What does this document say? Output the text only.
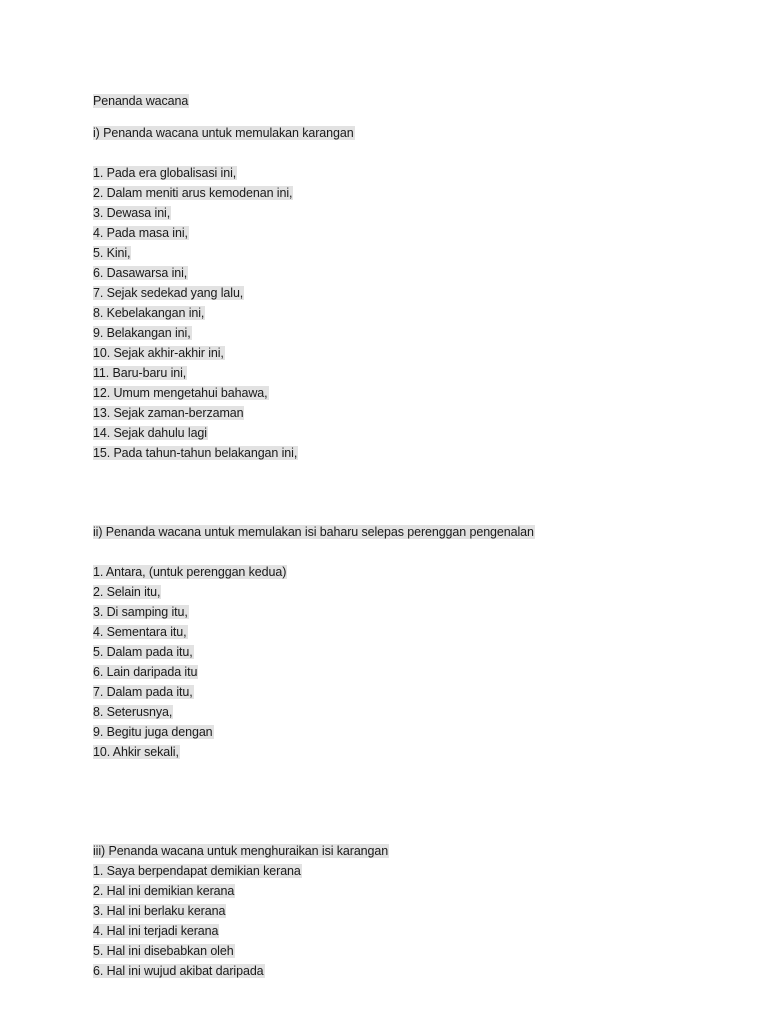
Penanda wacana
i) Penanda wacana untuk memulakan karangan
1. Pada era globalisasi ini,
2. Dalam meniti arus kemodenan ini,
3. Dewasa ini,
4. Pada masa ini,
5. Kini,
6. Dasawarsa ini,
7. Sejak sedekad yang lalu,
8. Kebelakangan ini,
9. Belakangan ini,
10. Sejak akhir-akhir ini,
11. Baru-baru ini,
12. Umum mengetahui bahawa,
13. Sejak zaman-berzaman
14. Sejak dahulu lagi
15. Pada tahun-tahun belakangan ini,
ii) Penanda wacana untuk memulakan isi baharu selepas perenggan pengenalan
1. Antara, (untuk perenggan kedua)
2. Selain itu,
3. Di samping itu,
4. Sementara itu,
5. Dalam pada itu,
6. Lain daripada itu
7. Dalam pada itu,
8. Seterusnya,
9. Begitu juga dengan
10. Ahkir sekali,
iii) Penanda wacana untuk menghuraikan isi karangan
1. Saya berpendapat demikian kerana
2. Hal ini demikian kerana
3. Hal ini berlaku kerana
4. Hal ini terjadi kerana
5. Hal ini disebabkan oleh
6. Hal ini wujud akibat daripada
